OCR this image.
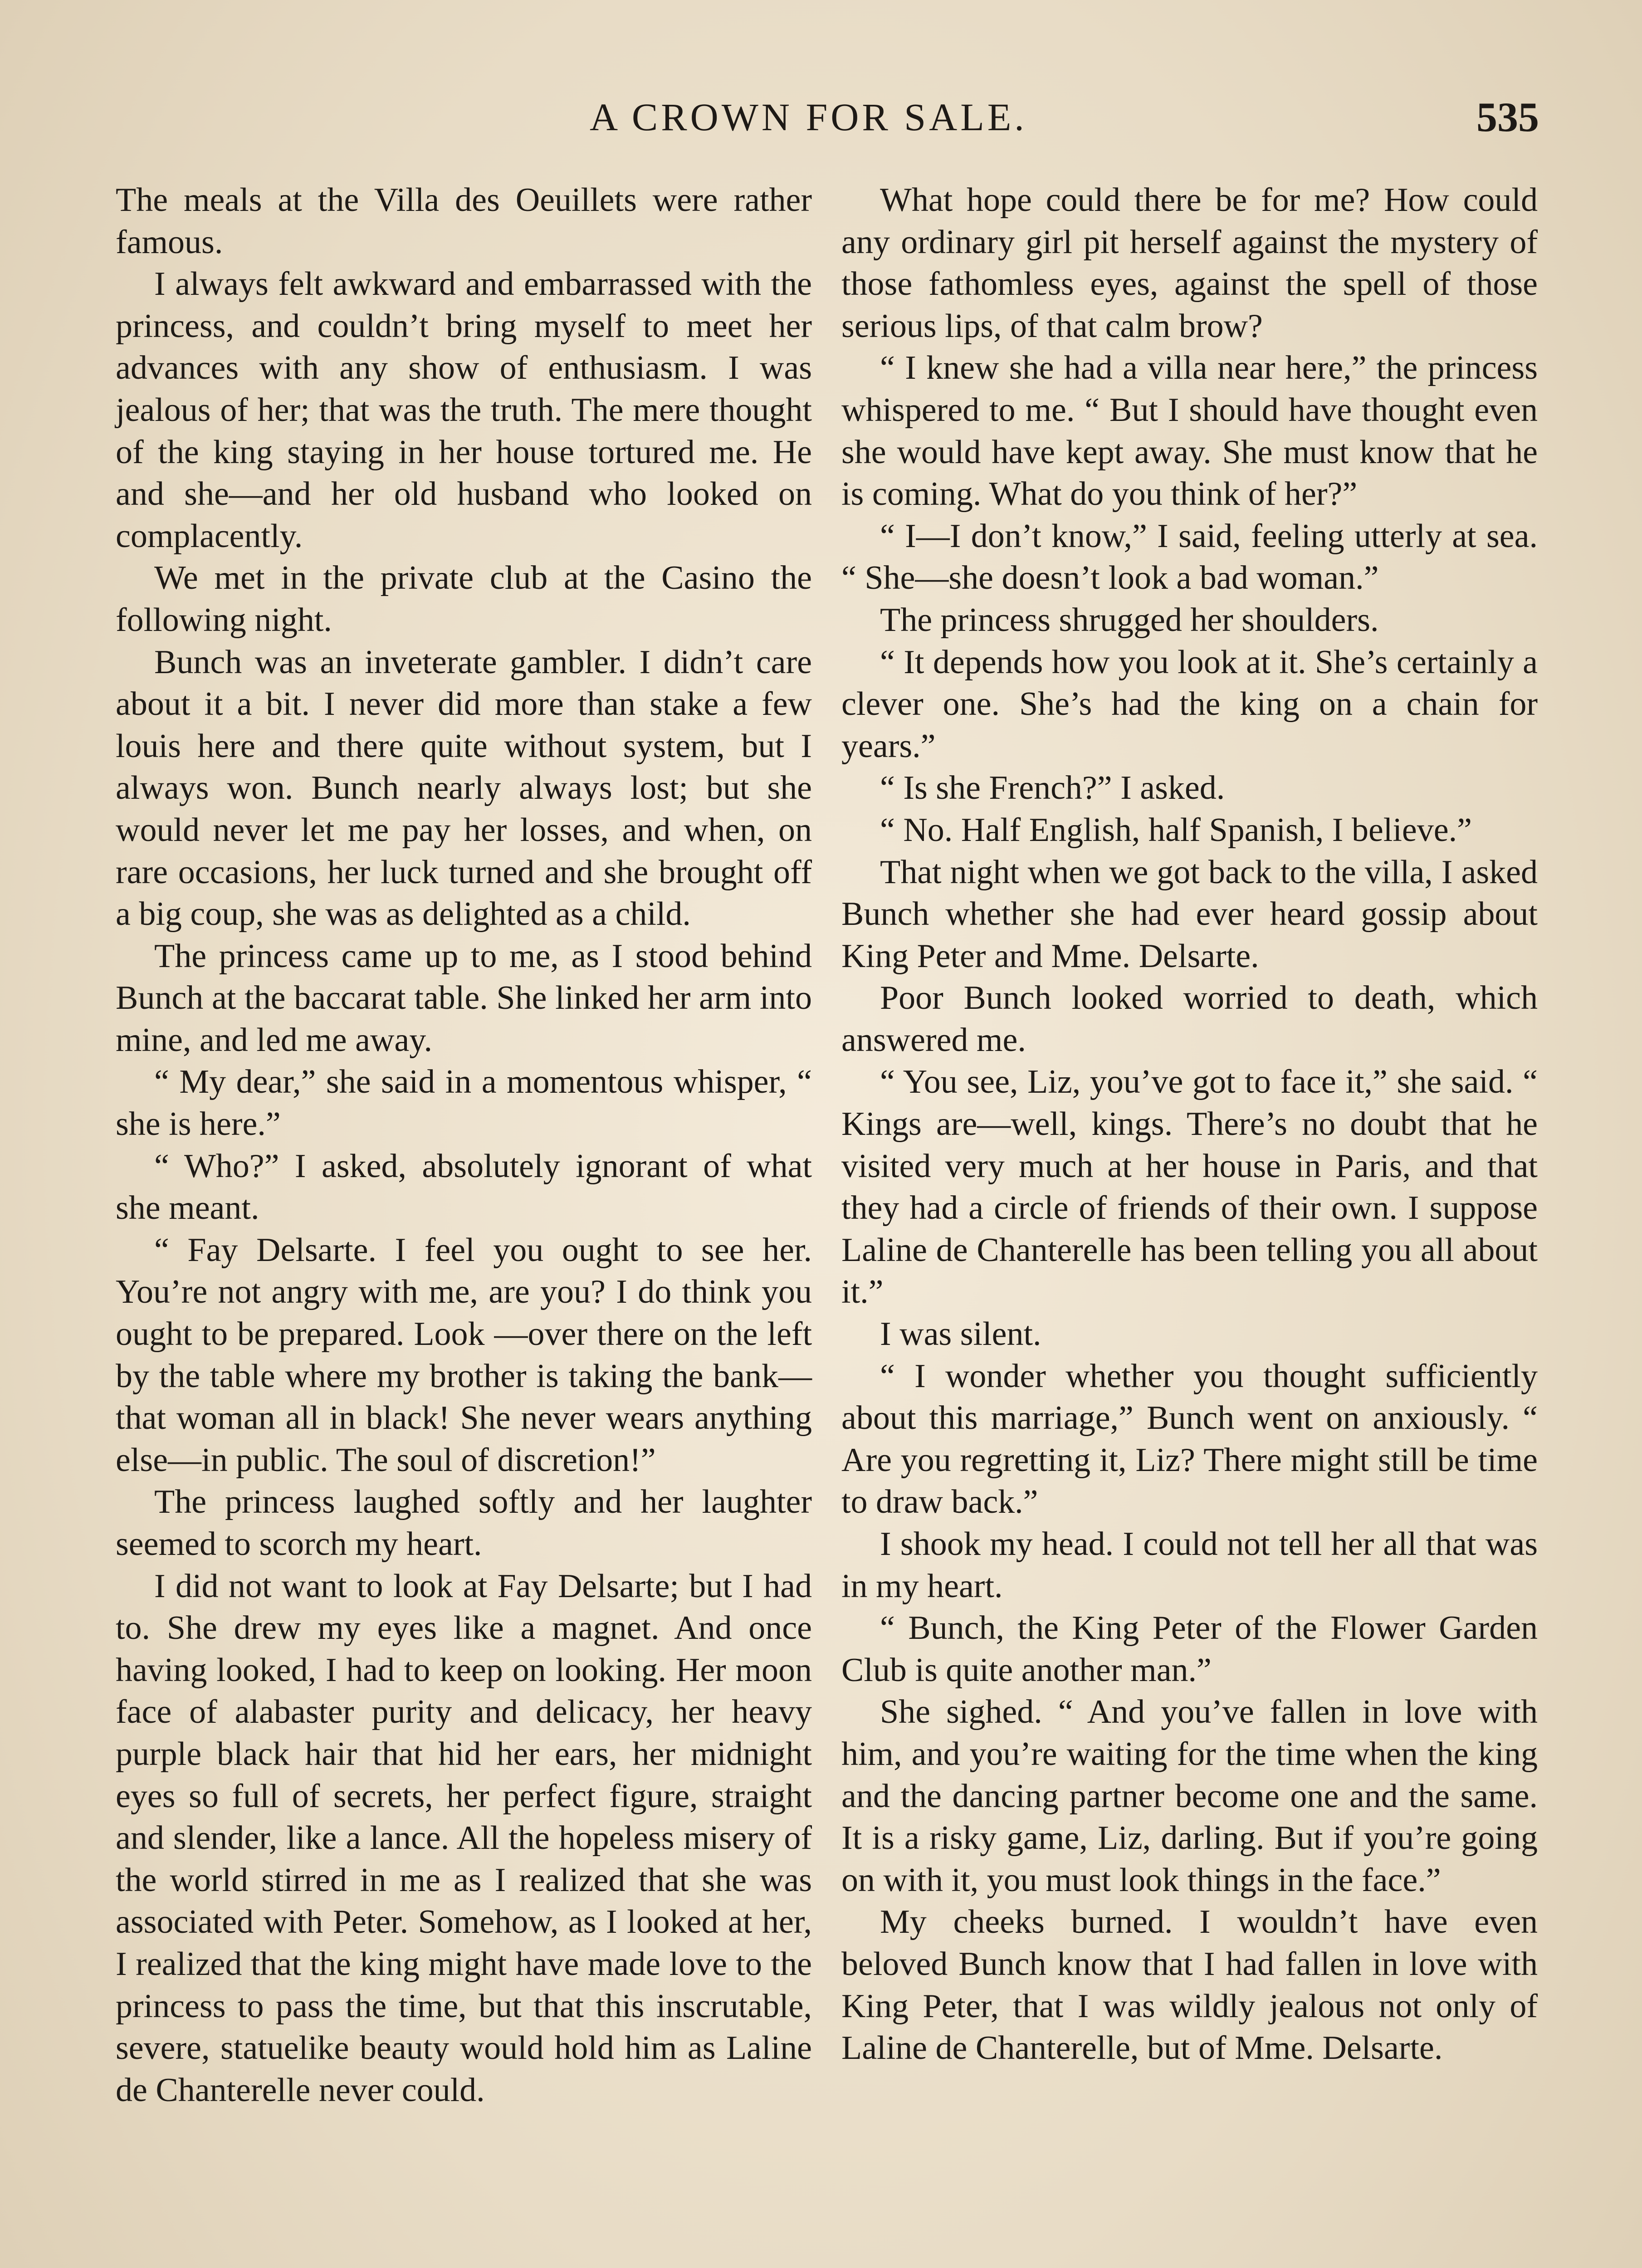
A CROWN FOR SALE.	535

The meals at the Villa des Oeuillets were rather famous.

I always felt awkward and embarrassed with the princess, and couldn’t bring myself to meet her advances with any show of enthusiasm. I was jealous of her; that was the truth. The mere thought of the king staying in her house tortured me. He and she—and her old husband who looked on complacently.

We met in the private club at the Casino the following night.

Bunch was an inveterate gambler. I didn’t care about it a bit. I never did more than stake a few louis here and there quite without system, but I always won. Bunch nearly always lost; but she would never let me pay her losses, and when, on rare occasions, her luck turned and she brought off a big coup, she was as delighted as a child.

The princess came up to me, as I stood behind Bunch at the baccarat table. She linked her arm into mine, and led me away.

“ My dear,” she said in a momentous whisper, “ she is here.”

“ Who?” I asked, absolutely ignorant of what she meant.

“ Fay Delsarte. I feel you ought to see her. You’re not angry with me, are you? I do think you ought to be prepared. Look —over there on the left by the table where my brother is taking the bank—that woman all in black! She never wears anything else—in public. The soul of discretion!”

The princess laughed softly and her laughter seemed to scorch my heart.

I did not want to look at Fay Delsarte; but I had to. She drew my eyes like a magnet. And once having looked, I had to keep on looking. Her moon face of alabaster purity and delicacy, her heavy purple black hair that hid her ears, her midnight eyes so full of secrets, her perfect figure, straight and slender, like a lance. All the hopeless misery of the world stirred in me as I realized that she was associated with Peter. Somehow, as I looked at her, I realized that the king might have made love to the princess to pass the time, but that this inscrutable, severe, statuelike beauty would hold him as Laline de Chanterelle never could.

What hope could there be for me? How could any ordinary girl pit herself against the mystery of those fathomless eyes, against the spell of those serious lips, of that calm brow?

“ I knew she had a villa near here,” the princess whispered to me. “ But I should have thought even she would have kept away. She must know that he is coming. What do you think of her?”

“ I—I don’t know,” I said, feeling utterly at sea. “ She—she doesn’t look a bad woman.”

The princess shrugged her shoulders.

“ It depends how you look at it. She’s certainly a clever one. She’s had the king on a chain for years.”

“ Is she French?” I asked.

“ No. Half English, half Spanish, I believe.”

That night when we got back to the villa, I asked Bunch whether she had ever heard gossip about King Peter and Mme. Delsarte.

Poor Bunch looked worried to death, which answered me.

“ You see, Liz, you’ve got to face it,” she said. “ Kings are—well, kings. There’s no doubt that he visited very much at her house in Paris, and that they had a circle of friends of their own. I suppose Laline de Chanterelle has been telling you all about it.”

I was silent.

“ I wonder whether you thought sufficiently about this marriage,” Bunch went on anxiously. “ Are you regretting it, Liz? There might still be time to draw back.”

I shook my head. I could not tell her all that was in my heart.

“ Bunch, the King Peter of the Flower Garden Club is quite another man.”

She sighed. “ And you’ve fallen in love with him, and you’re waiting for the time when the king and the dancing partner become one and the same. It is a risky game, Liz, darling. But if you’re going on with it, you must look things in the face.”

My cheeks burned. I wouldn’t have even beloved Bunch know that I had fallen in love with King Peter, that I was wildly jealous not only of Laline de Chanterelle, but of Mme. Delsarte.
